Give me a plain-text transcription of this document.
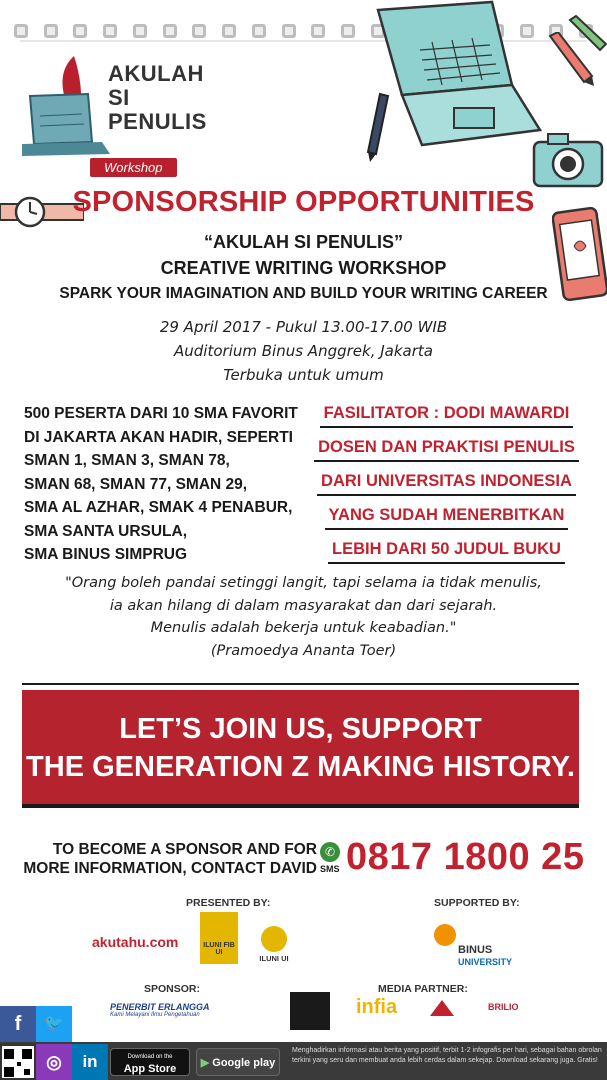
AKULAH
SI PENULIS
Workshop
SPONSORSHIP OPPORTUNITIES
“AKULAH SI PENULIS”
CREATIVE WRITING WORKSHOP
SPARK YOUR IMAGINATION AND BUILD YOUR WRITING CAREER
29 April 2017 - Pukul 13.00-17.00 WIB
Auditorium Binus Anggrek, Jakarta
Terbuka untuk umum
500 PESERTA DARI 10 SMA FAVORIT
DI JAKARTA AKAN HADIR, SEPERTI
SMAN 1, SMAN 3, SMAN 78,
SMAN 68, SMAN 77, SMAN 29,
SMA AL AZHAR, SMAK 4 PENABUR,
SMA SANTA URSULA,
SMA BINUS SIMPRUG
FASILITATOR : DODI MAWARDI
DOSEN DAN PRAKTISI PENULIS
DARI UNIVERSITAS INDONESIA
YANG SUDAH MENERBITKAN
LEBIH DARI 50 JUDUL BUKU
"Orang boleh pandai setinggi langit, tapi selama ia tidak menulis,
ia akan hilang di dalam masyarakat dan dari sejarah.
Menulis adalah bekerja untuk keabadian."
(Pramoedya Ananta Toer)
LET’S JOIN US, SUPPORT
THE GENERATION Z MAKING HISTORY.
TO BECOME A SPONSOR AND FOR
MORE INFORMATION, CONTACT DAVID
✆
SMS 0817 1800 25
PRESENTED BY:	SUPPORTED BY:
akutahu.com	ILUNI FIB UI
ILUNI UI
BINUS
UNIVERSITY
SPONSOR:	MEDIA PARTNER:
PENERBIT ERLANGGA
Kami Melayani Ilmu Pengetahuan	infia	BRILIO
f	🐦
◎	in	Download on the
App Store	▶ Google play
Menghadirkan informasi atau berita yang positif, terbit 1-2 infografis per hari, sebagai bahan obrolan terkini yang seru dan membuat anda lebih cerdas dalam sekejap. Download sekarang juga. Gratis!
